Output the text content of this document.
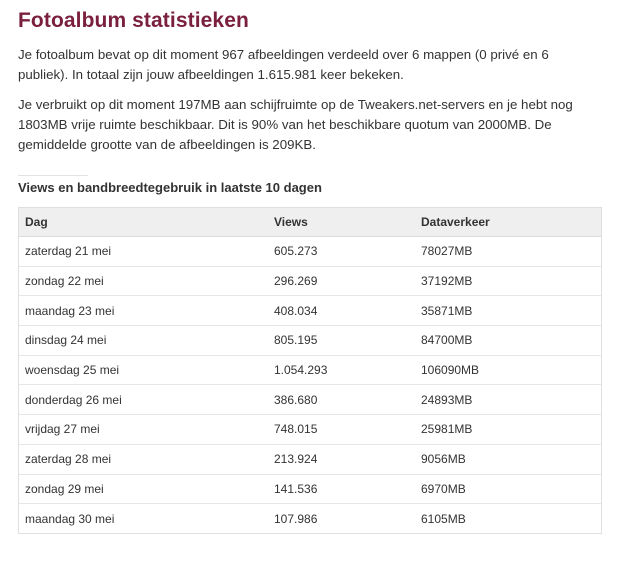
Fotoalbum statistieken

Je fotoalbum bevat op dit moment 967 afbeeldingen verdeeld over 6 mappen (0 privé en 6 publiek). In totaal zijn jouw afbeeldingen 1.615.981 keer bekeken.

Je verbruikt op dit moment 197MB aan schijfruimte op de Tweakers.net-servers en je hebt nog 1803MB vrije ruimte beschikbaar. Dit is 90% van het beschikbare quotum van 2000MB. De gemiddelde grootte van de afbeeldingen is 209KB.

Views en bandbreedtegebruik in laatste 10 dagen
Dag	Views	Dataverkeer
zaterdag 21 mei	605.273	78027MB
zondag 22 mei	296.269	37192MB
maandag 23 mei	408.034	35871MB
dinsdag 24 mei	805.195	84700MB
woensdag 25 mei	1.054.293	106090MB
donderdag 26 mei	386.680	24893MB
vrijdag 27 mei	748.015	25981MB
zaterdag 28 mei	213.924	9056MB
zondag 29 mei	141.536	6970MB
maandag 30 mei	107.986	6105MB
